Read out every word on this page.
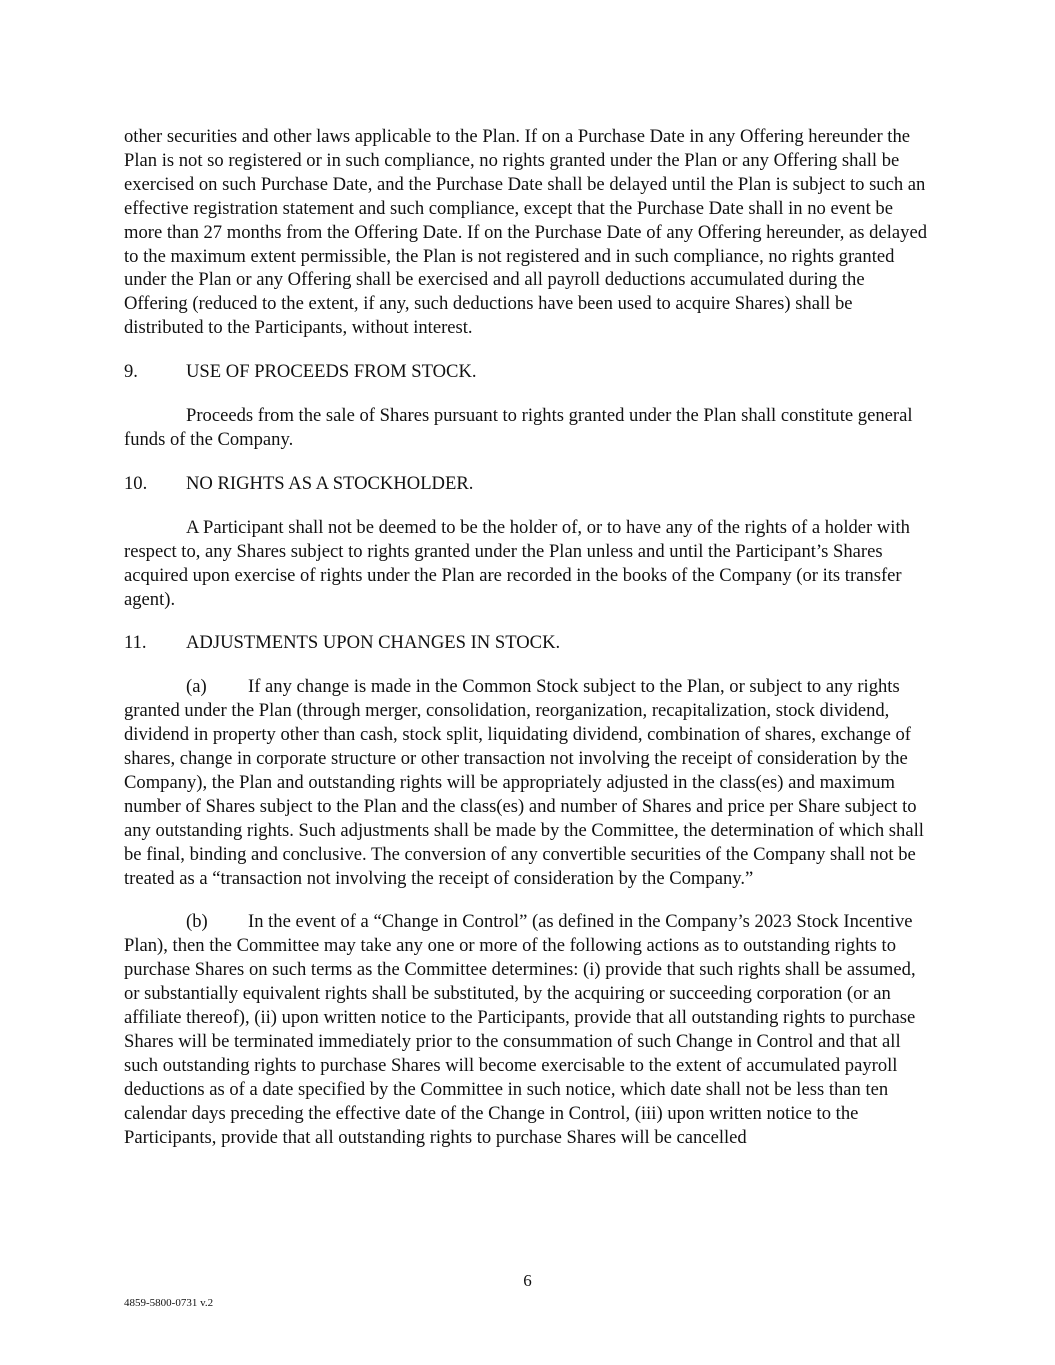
other securities and other laws applicable to the Plan. If on a Purchase Date in any Offering hereunder the Plan is not so registered or in such compliance, no rights granted under the Plan or any Offering shall be exercised on such Purchase Date, and the Purchase Date shall be delayed until the Plan is subject to such an effective registration statement and such compliance, except that the Purchase Date shall in no event be more than 27 months from the Offering Date. If on the Purchase Date of any Offering hereunder, as delayed to the maximum extent permissible, the Plan is not registered and in such compliance, no rights granted under the Plan or any Offering shall be exercised and all payroll deductions accumulated during the Offering (reduced to the extent, if any, such deductions have been used to acquire Shares) shall be distributed to the Participants, without interest.

9.	USE OF PROCEEDS FROM STOCK.

Proceeds from the sale of Shares pursuant to rights granted under the Plan shall constitute general funds of the Company.

10.	NO RIGHTS AS A STOCKHOLDER.

A Participant shall not be deemed to be the holder of, or to have any of the rights of a holder with respect to, any Shares subject to rights granted under the Plan unless and until the Participant’s Shares acquired upon exercise of rights under the Plan are recorded in the books of the Company (or its transfer agent).

11.	ADJUSTMENTS UPON CHANGES IN STOCK.

(a) If any change is made in the Common Stock subject to the Plan, or subject to any rights granted under the Plan (through merger, consolidation, reorganization, recapitalization, stock dividend, dividend in property other than cash, stock split, liquidating dividend, combination of shares, exchange of shares, change in corporate structure or other transaction not involving the receipt of consideration by the Company), the Plan and outstanding rights will be appropriately adjusted in the class(es) and maximum number of Shares subject to the Plan and the class(es) and number of Shares and price per Share subject to any outstanding rights. Such adjustments shall be made by the Committee, the determination of which shall be final, binding and conclusive. The conversion of any convertible securities of the Company shall not be treated as a “transaction not involving the receipt of consideration by the Company.”

(b) In the event of a “Change in Control” (as defined in the Company’s 2023 Stock Incentive Plan), then the Committee may take any one or more of the following actions as to outstanding rights to purchase Shares on such terms as the Committee determines: (i) provide that such rights shall be assumed, or substantially equivalent rights shall be substituted, by the acquiring or succeeding corporation (or an affiliate thereof), (ii) upon written notice to the Participants, provide that all outstanding rights to purchase Shares will be terminated immediately prior to the consummation of such Change in Control and that all such outstanding rights to purchase Shares will become exercisable to the extent of accumulated payroll deductions as of a date specified by the Committee in such notice, which date shall not be less than ten calendar days preceding the effective date of the Change in Control, (iii) upon written notice to the Participants, provide that all outstanding rights to purchase Shares will be cancelled

6
4859-5800-0731 v.2
